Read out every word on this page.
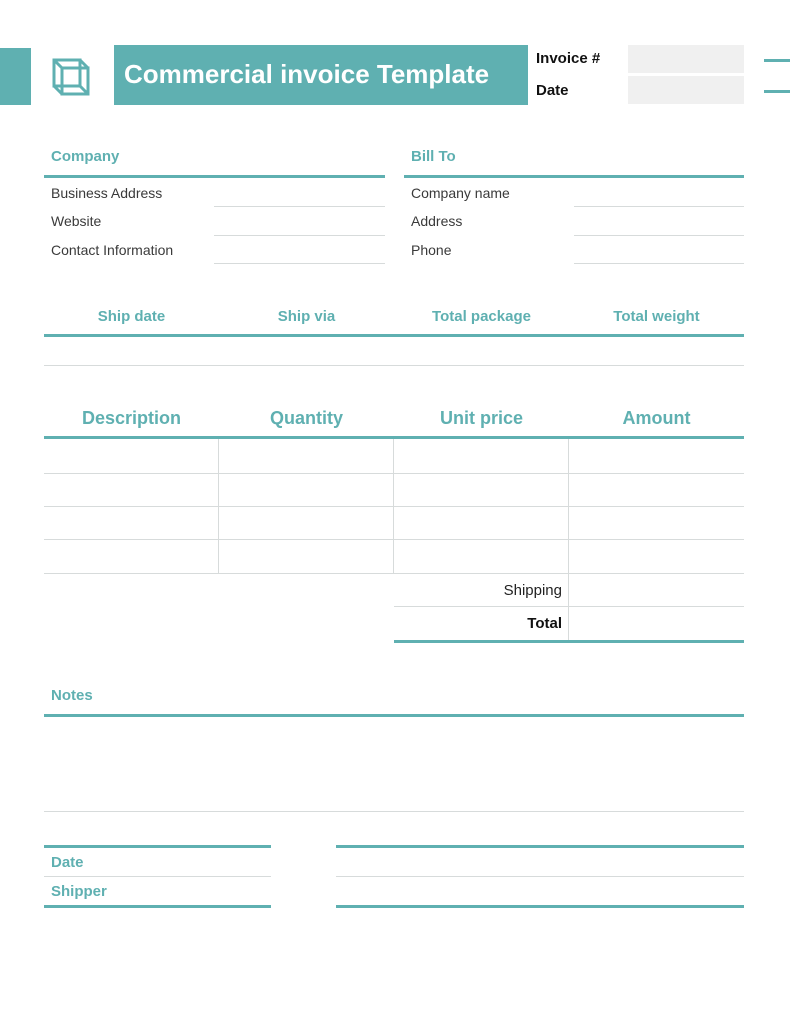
Commercial invoice Template
Invoice #
Date
Company
Business Address
Website
Contact Information
Bill To
Company name
Address
Phone
Ship date	Ship via	Total package	Total weight
Description	Quantity	Unit price	Amount
Shipping
Total
Notes
Date
Shipper
